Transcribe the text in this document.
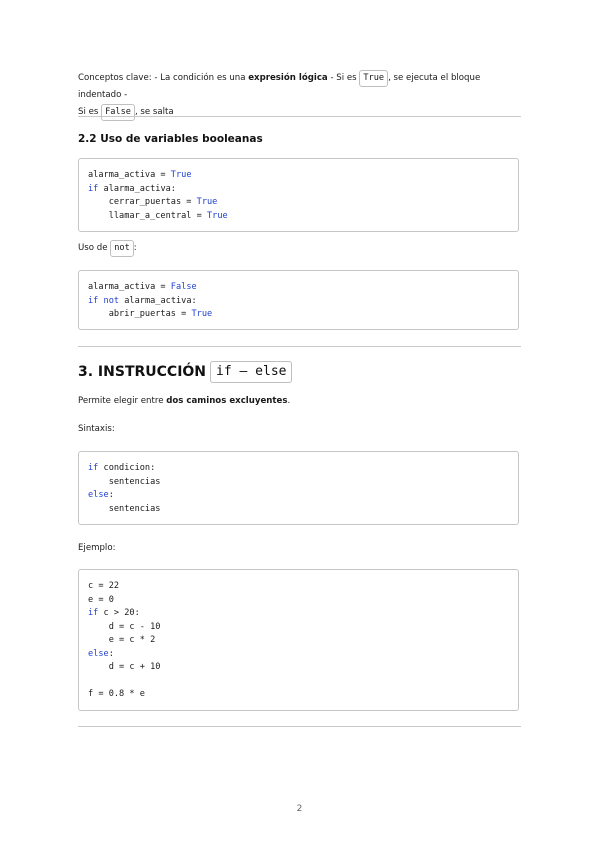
Conceptos clave: - La condición es una expresión lógica - Si es True , se ejecuta el bloque indentado -
Si es False , se salta
2.2 Uso de variables booleanas
alarma_activa = True
if alarma_activa:
cerrar_puertas = True
llamar_a_central = True
Uso de not :
alarma_activa = False
if not alarma_activa:
abrir_puertas = True
3. INSTRUCCIÓN if – else
Permite elegir entre dos caminos excluyentes.
Sintaxis:
if condicion:
sentencias
else:
sentencias
Ejemplo:
c = 22
e = 0
if c > 20:
d = c - 10
e = c * 2
else:
d = c + 10

f = 0.8 * e
2
